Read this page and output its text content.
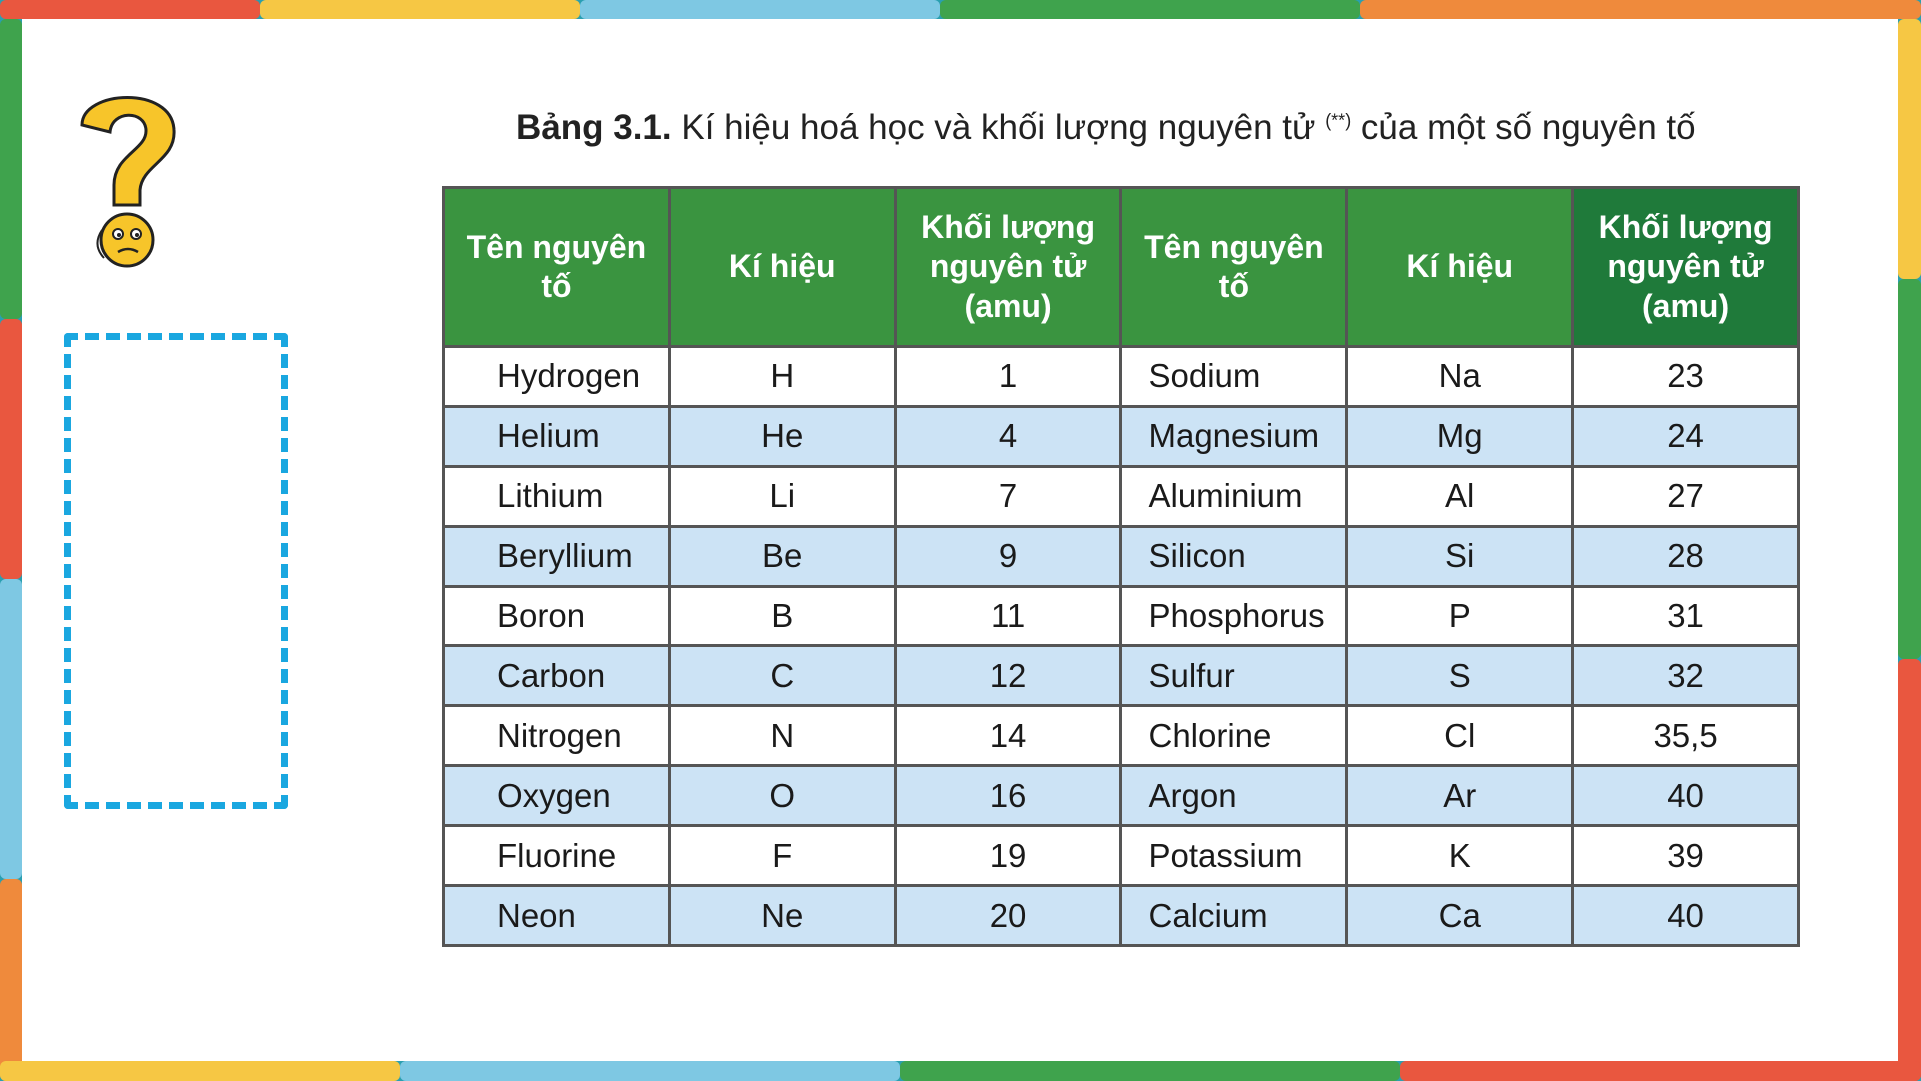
Bảng 3.1. Kí hiệu hoá học và khối lượng nguyên tử (**) của một số nguyên tố
Tên nguyên tố	Kí hiệu	Khối lượng nguyên tử (amu)	Tên nguyên tố	Kí hiệu	Khối lượng nguyên tử (amu)
Hydrogen	H	1	Sodium	Na	23
Helium	He	4	Magnesium	Mg	24
Lithium	Li	7	Aluminium	Al	27
Beryllium	Be	9	Silicon	Si	28
Boron	B	11	Phosphorus	P	31
Carbon	C	12	Sulfur	S	32
Nitrogen	N	14	Chlorine	Cl	35,5
Oxygen	O	16	Argon	Ar	40
Fluorine	F	19	Potassium	K	39
Neon	Ne	20	Calcium	Ca	40
